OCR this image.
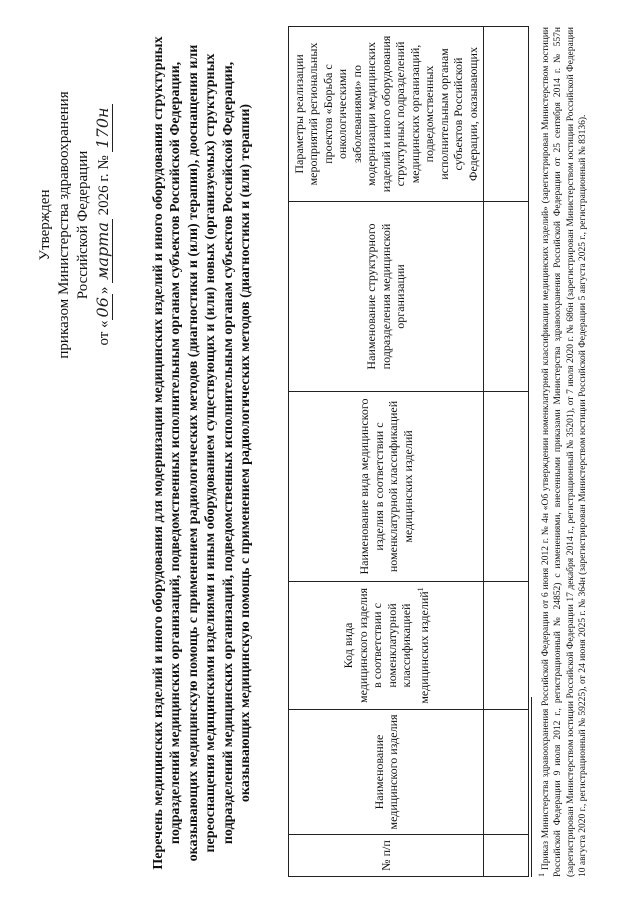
Утвержден приказом Министерства здравоохранения Российской Федерации
от «06» марта 2026 г. № 170н	Перечень медицинских изделий и иного оборудования для модернизации медицинских изделий и иного оборудования структурных подразделений медицинских организаций, подведомственных исполнительным органам субъектов Российской Федерации, оказывающих медицинскую помощь с применением радиологических методов (диагностики и (или) терапии), дооснащения или переоснащения медицинскими изделиями и иным оборудованием существующих и (или) новых (организуемых) структурных подразделений медицинских организаций, подведомственных исполнительным органам субъектов Российской Федерации, оказывающих медицинскую помощь с применением радиологических методов (диагностики и (или) терапии)
№ п/п	Наименование медицинского изделия	Код вида медицинского изделия в соответствии с номенклатурной классификацией медицинских изделий$^1$	Наименование вида медицинского изделия в соответствии с номенклатурной классификацией медицинских изделий	Наименование структурного подразделения медицинской организации	Параметры реализации мероприятий региональных проектов «Борьба с онкологическими заболеваниями» по модернизации медицинских изделий и иного оборудования структурных подразделений медицинских организаций, подведомственных исполнительным органам субъектов Российской Федерации, оказывающих

$^1$ Приказ Министерства здравоохранения Российской Федерации от 6 июня 2012 г. № 4н «Об утверждении номенклатурной классификации медицинских изделий» (зарегистрирован Министерством юстиции Российской Федерации 9 июля 2012 г., регистрационный № 24852) с изменениями, внесенными приказами Министерства здравоохранения Российской Федерации от 25 сентября 2014 г. № 557н (зарегистрирован Министерством юстиции Российской Федерации 17 декабря 2014 г., регистрационный № 35201), от 7 июля 2020 г. № 686н (зарегистрирован Министерством юстиции Российской Федерации 10 августа 2020 г., регистрационный № 59225), от 24 июня 2025 г. № 364н (зарегистрирован Министерством юстиции Российской Федерации 5 августа 2025 г., регистрационный № 83136).
